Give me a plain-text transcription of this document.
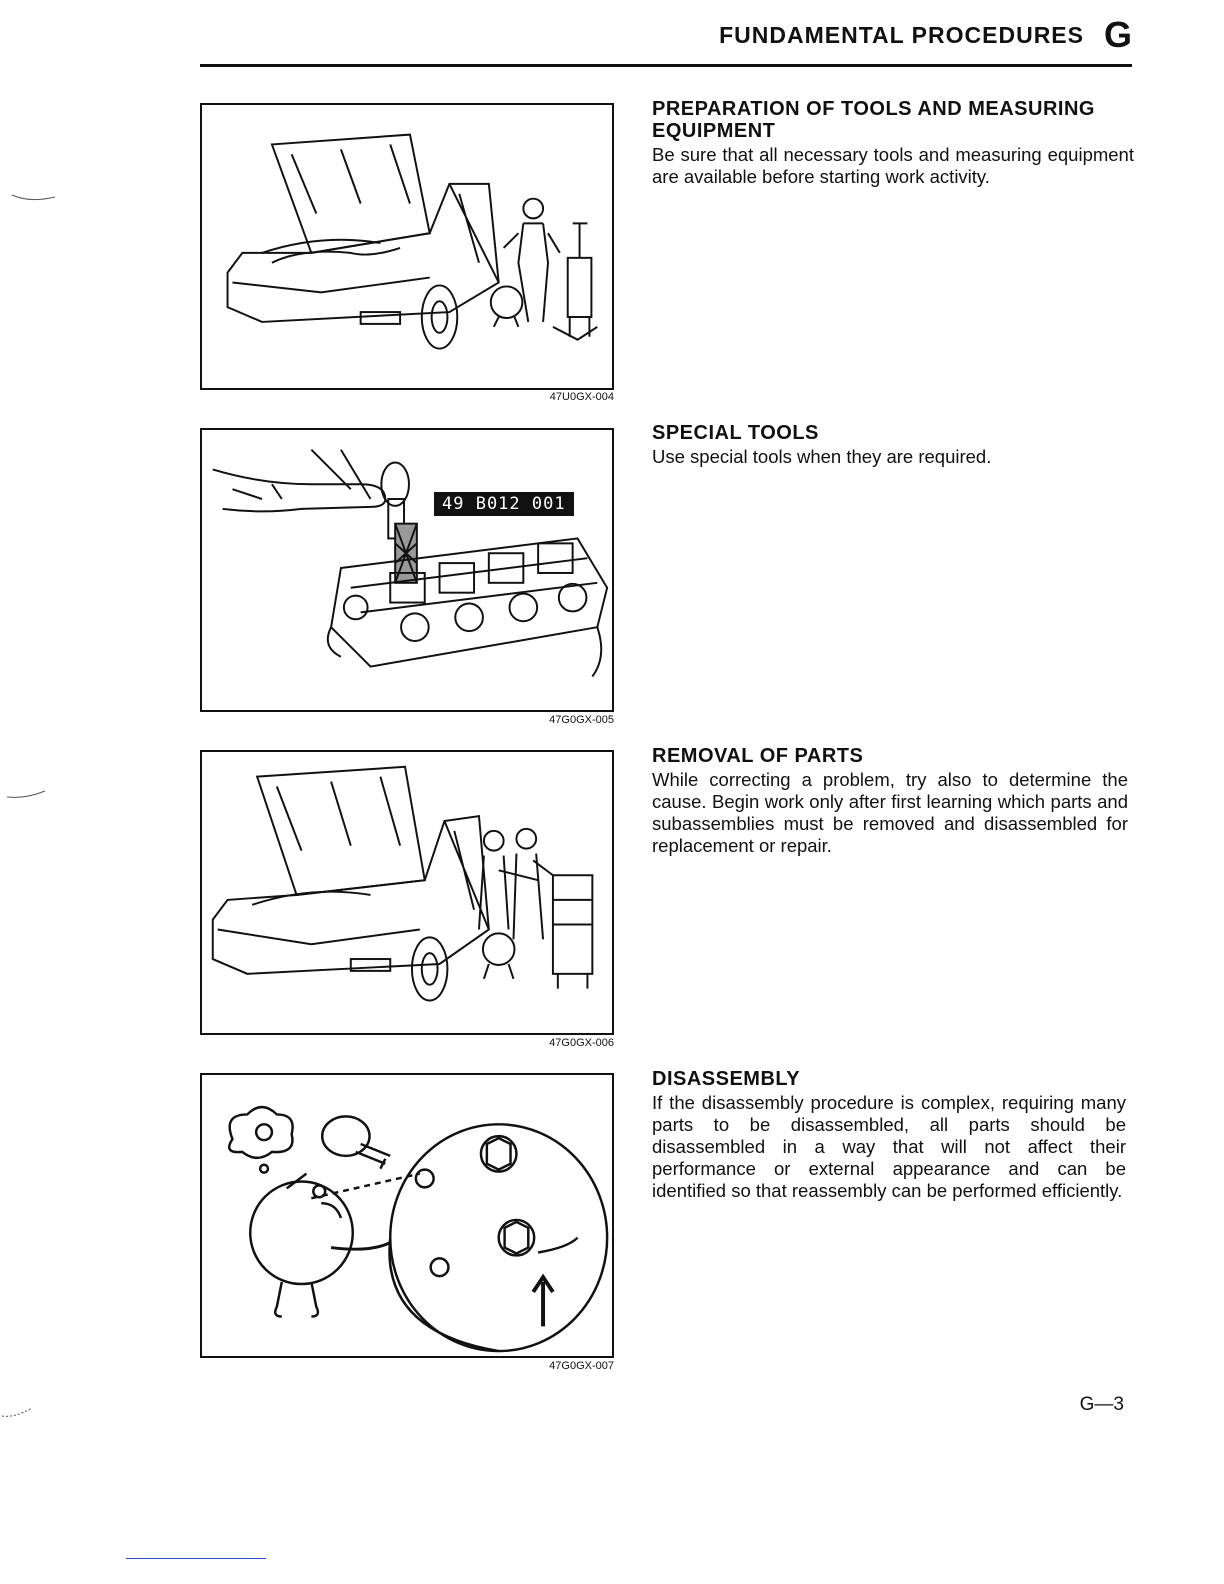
FUNDAMENTAL PROCEDURES G
47U0GX-004
49 B012 001
47G0GX-005
47G0GX-006
47G0GX-007
PREPARATION OF TOOLS AND MEASURING EQUIPMENT

Be sure that all necessary tools and measuring equipment are available before starting work activity.

SPECIAL TOOLS

Use special tools when they are required.

REMOVAL OF PARTS

While correcting a problem, try also to determine the cause. Begin work only after first learning which parts and subassemblies must be removed and disassembled for replacement or repair.

DISASSEMBLY

If the disassembly procedure is complex, requiring many parts to be disassembled, all parts should be disassembled in a way that will not affect their performance or external appearance and can be identified so that reassembly can be performed efficiently.

G—3
